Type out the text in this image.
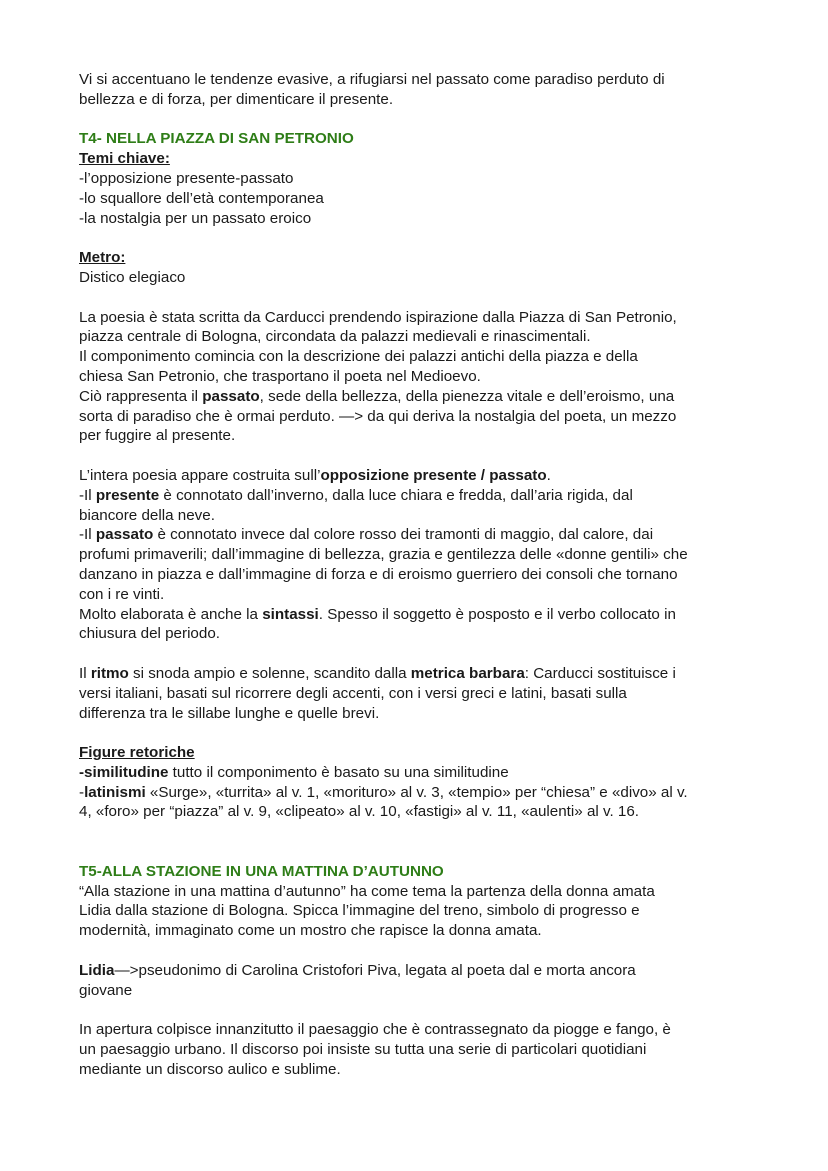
Vi si accentuano le tendenze evasive, a rifugiarsi nel passato come paradiso perduto di

bellezza e di forza, per dimenticare il presente.

T4- NELLA PIAZZA DI SAN PETRONIO

Temi chiave:

-l’opposizione presente-passato

-lo squallore dell’età contemporanea

-la nostalgia per un passato eroico

Metro:

Distico elegiaco

La poesia è stata scritta da Carducci prendendo ispirazione dalla Piazza di San Petronio,

piazza centrale di Bologna, circondata da palazzi medievali e rinascimentali.

Il componimento comincia con la descrizione dei palazzi antichi della piazza e della

chiesa San Petronio, che trasportano il poeta nel Medioevo.

Ciò rappresenta il passato, sede della bellezza, della pienezza vitale e dell’eroismo, una

sorta di paradiso che è ormai perduto. —> da qui deriva la nostalgia del poeta, un mezzo

per fuggire al presente.

L’intera poesia appare costruita sull’opposizione presente / passato.

-Il presente è connotato dall’inverno, dalla luce chiara e fredda, dall’aria rigida, dal

biancore della neve.

-Il passato è connotato invece dal colore rosso dei tramonti di maggio, dal calore, dai

profumi primaverili; dall’immagine di bellezza, grazia e gentilezza delle «donne gentili» che

danzano in piazza e dall’immagine di forza e di eroismo guerriero dei consoli che tornano

con i re vinti.

Molto elaborata è anche la sintassi. Spesso il soggetto è posposto e il verbo collocato in

chiusura del periodo.

Il ritmo si snoda ampio e solenne, scandito dalla metrica barbara: Carducci sostituisce i

versi italiani, basati sul ricorrere degli accenti, con i versi greci e latini, basati sulla

differenza tra le sillabe lunghe e quelle brevi.

Figure retoriche

-similitudine tutto il componimento è basato su una similitudine

-latinismi «Surge», «turrita» al v. 1, «morituro» al v. 3, «tempio» per “chiesa” e «divo» al v.

4, «foro» per “piazza” al v. 9, «clipeato» al v. 10, «fastigi» al v. 11, «aulenti» al v. 16.

T5-ALLA STAZIONE IN UNA MATTINA D’AUTUNNO

“Alla stazione in una mattina d’autunno” ha come tema la partenza della donna amata

Lidia dalla stazione di Bologna. Spicca l’immagine del treno, simbolo di progresso e

modernità, immaginato come un mostro che rapisce la donna amata.

Lidia—>pseudonimo di Carolina Cristofori Piva, legata al poeta dal e morta ancora

giovane

In apertura colpisce innanzitutto il paesaggio che è contrassegnato da piogge e fango, è

un paesaggio urbano. Il discorso poi insiste su tutta una serie di particolari quotidiani

mediante un discorso aulico e sublime.
